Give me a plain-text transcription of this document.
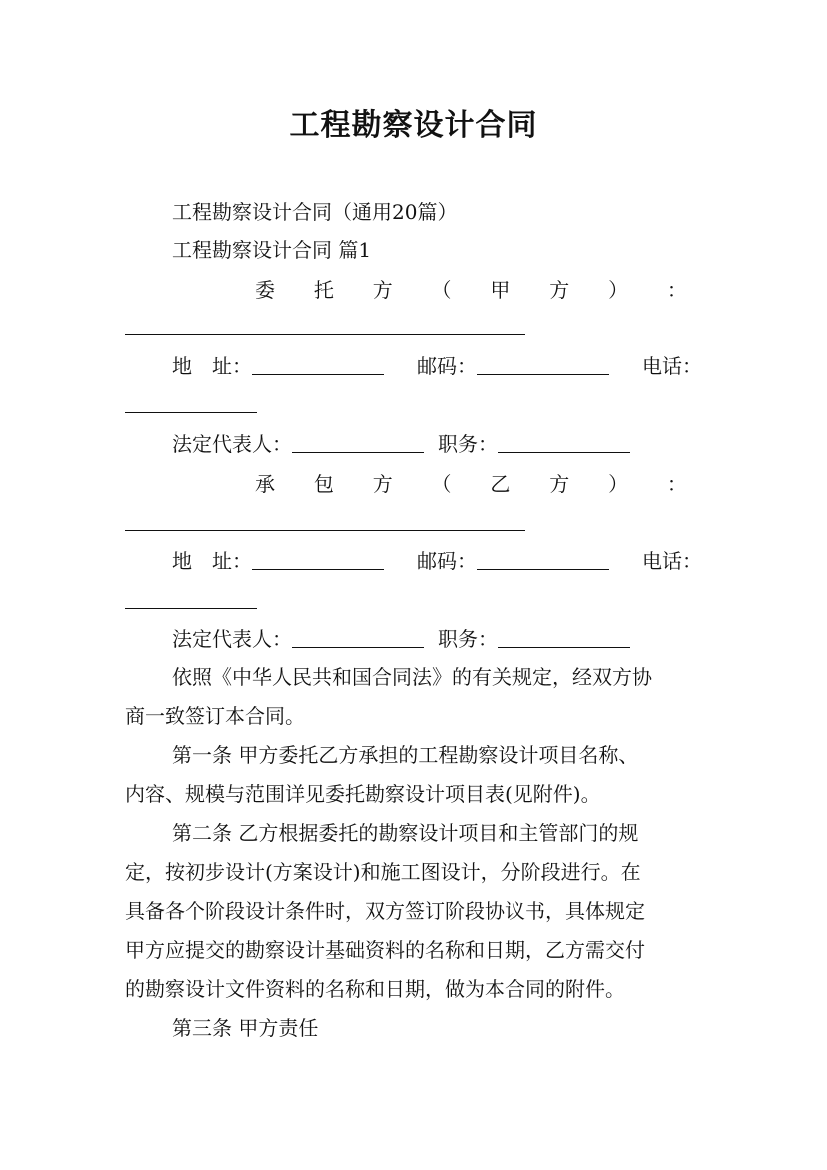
工程勘察设计合同
工程勘察设计合同（通用20篇）
工程勘察设计合同 篇1
委 托 方 （ 甲 方 ） ：
地　址：	邮码：	电话：
法定代表人：	职务：
承 包 方 （ 乙 方 ） ：
地　址：	邮码：	电话：
法定代表人：	职务：
依照《中华人民共和国合同法》的有关规定，经双方协
商一致签订本合同。
第一条 甲方委托乙方承担的工程勘察设计项目名称、
内容、规模与范围详见委托勘察设计项目表(见附件)。
第二条 乙方根据委托的勘察设计项目和主管部门的规
定，按初步设计(方案设计)和施工图设计，分阶段进行。在
具备各个阶段设计条件时，双方签订阶段协议书，具体规定
甲方应提交的勘察设计基础资料的名称和日期，乙方需交付
的勘察设计文件资料的名称和日期，做为本合同的附件。
第三条 甲方责任
